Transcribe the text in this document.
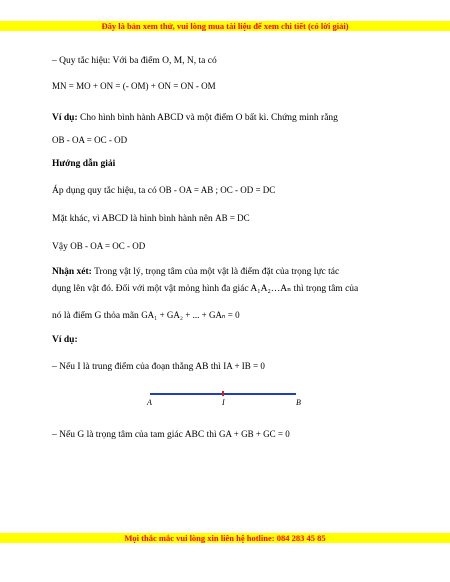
Đây là bản xem thử, vui lòng mua tài liệu để xem chi tiết (có lời giải)
– Quy tắc hiệu: Với ba điểm O, M, N, ta có
MN = MO + ON = (- OM) + ON = ON - OM
Ví dụ: Cho hình bình hành ABCD và một điểm O bất kì. Chứng minh rằng
OB - OA = OC - OD
Hướng dẫn giải
Áp dụng quy tắc hiệu, ta có OB - OA = AB ; OC - OD = DC
Mặt khác, vì ABCD là hình bình hành nên AB = DC
Vậy OB - OA = OC - OD
Nhận xét: Trong vật lý, trọng tâm của một vật là điểm đặt của trọng lực tác
dụng lên vật đó. Đối với một vật mỏng hình đa giác A₁A₂…Aₙ thì trọng tâm của
nó là điểm G thỏa mãn GA₁ + GA₂ + ... + GAₙ = 0
Ví dụ:
– Nếu I là trung điểm của đoạn thẳng AB thì IA + IB = 0
A	I	B
– Nếu G là trọng tâm của tam giác ABC thì GA + GB + GC = 0
Mọi thắc mắc vui lòng xin liên hệ hotline: 084 283 45 85
